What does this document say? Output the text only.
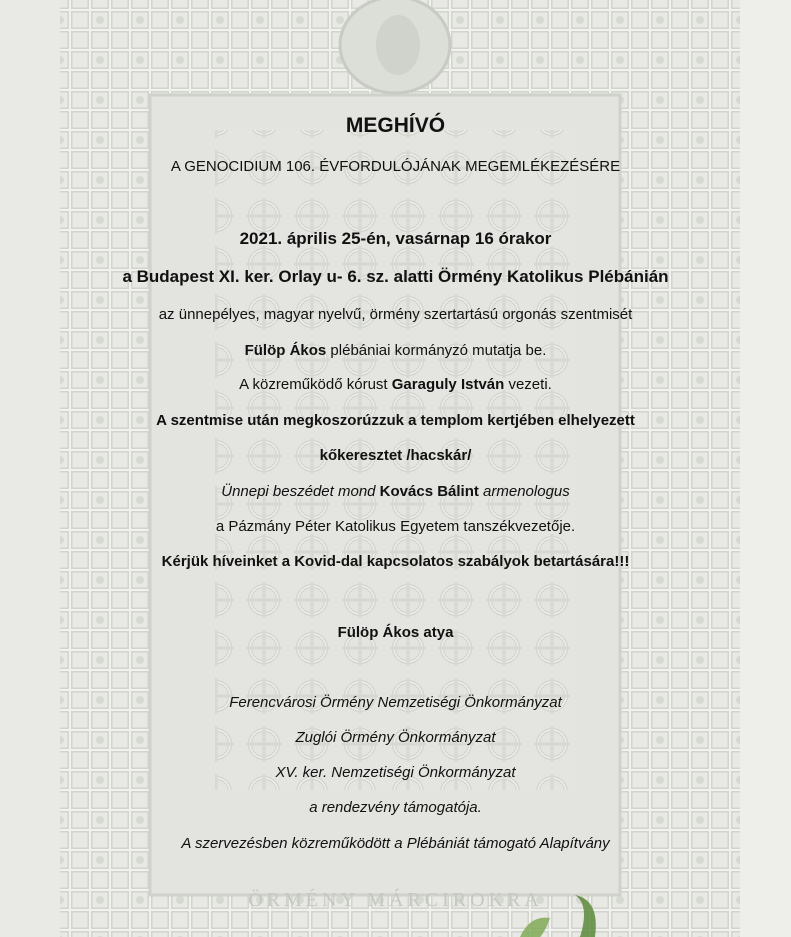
MEGHÍVÓ
A GENOCIDIUM 106. ÉVFORDULÓJÁNAK MEGEMLÉKEZÉSÉRE
2021. április 25-én, vasárnap 16 órakor
a Budapest XI. ker. Orlay u- 6. sz. alatti Örmény Katolikus Plébánián
az ünnepélyes, magyar nyelvű, örmény szertartású orgonás szentmisét
Fülöp Ákos plébániai kormányzó mutatja be.
A közreműködő kórust Garaguly István vezeti.
A szentmise után megkoszorúzzuk a templom kertjében elhelyezett
kőkeresztet /hacskár/
Ünnepi beszédet mond Kovács Bálint armenologus
a Pázmány Péter Katolikus Egyetem tanszékvezetője.
Kérjük híveinket a Kovid-dal kapcsolatos szabályok betartására!!!
Fülöp Ákos atya
Ferencvárosi Örmény Nemzetiségi Önkormányzat
Zuglói Örmény Önkormányzat
XV. ker. Nemzetiségi Önkormányzat
a rendezvény támogatója.
A szervezésben közreműködött a Plébániát támogató Alapítvány
ÖRMÉNY MÁRCIROKRA
